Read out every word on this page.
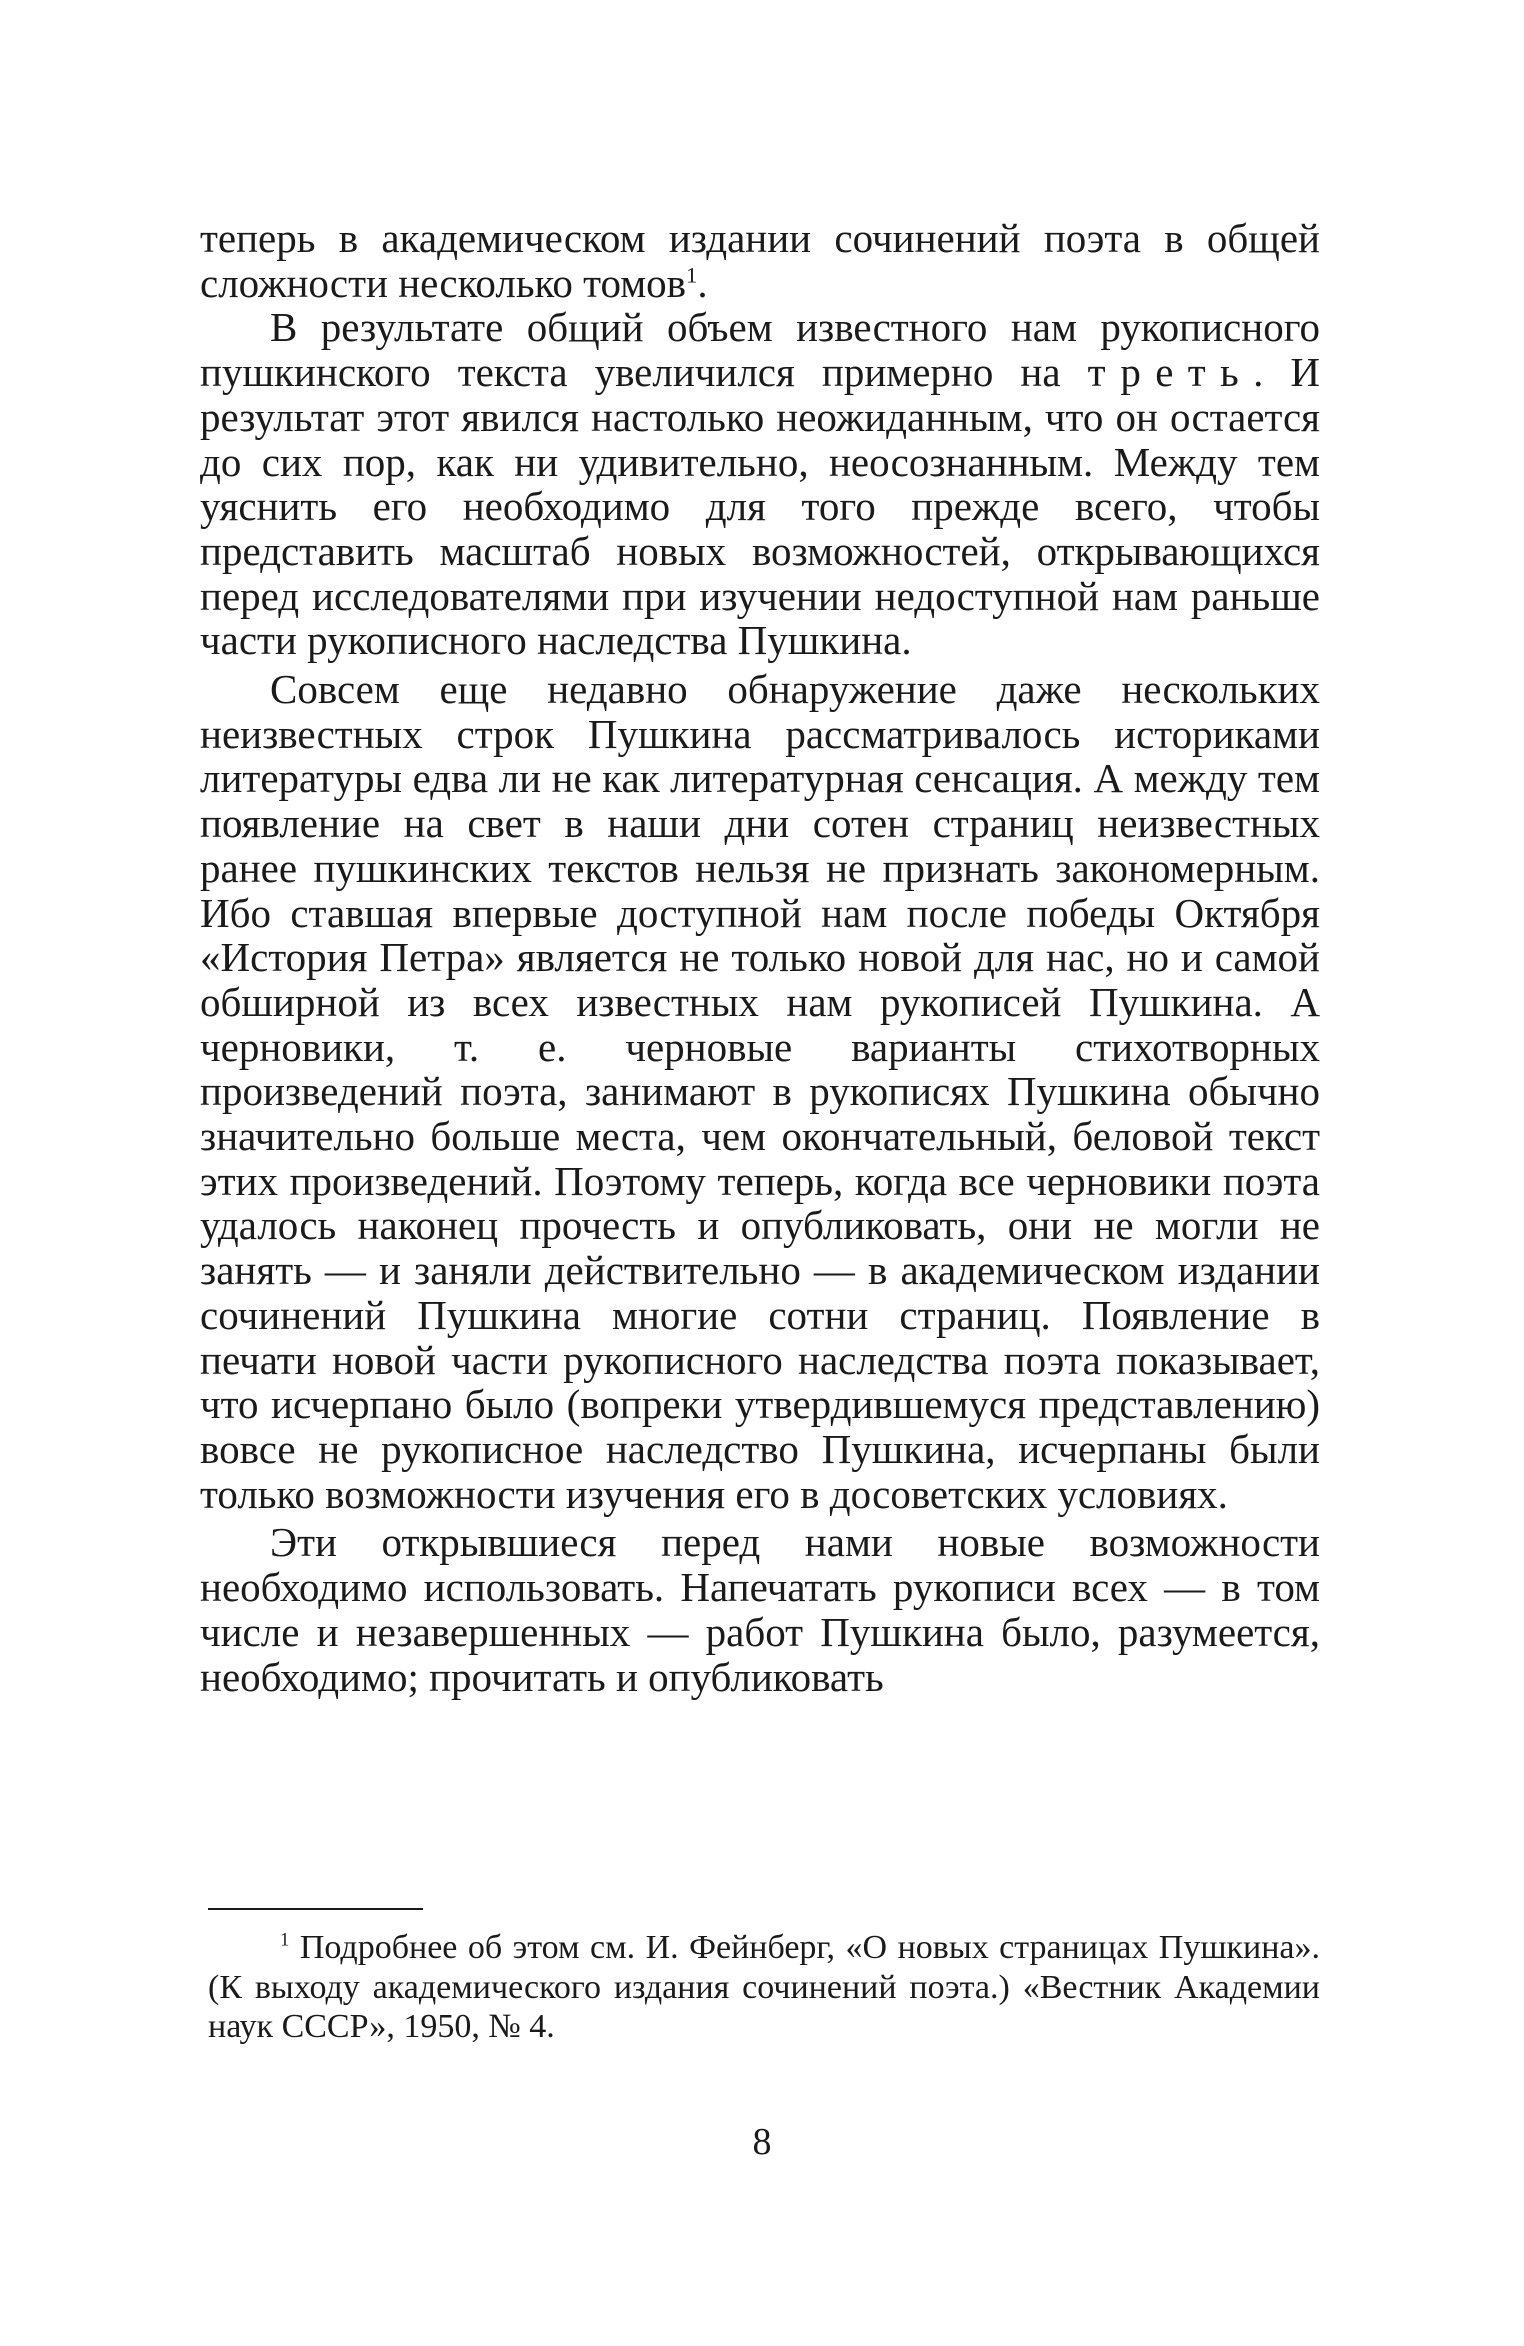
теперь в академическом издании сочинений поэта в общей сложности несколько томов$^1$.

В результате общий объем известного нам рукописного пушкинского текста увеличился примерно на треть. И результат этот явился настолько неожиданным, что он остается до сих пор, как ни удивительно, неосознанным. Между тем уяснить его необходимо для того прежде всего, чтобы представить масштаб новых возможностей, открывающихся перед исследователями при изучении недоступной нам раньше части рукописного наследства Пушкина.

Совсем еще недавно обнаружение даже нескольких неизвестных строк Пушкина рассматривалось историками литературы едва ли не как литературная сенсация. А между тем появление на свет в наши дни сотен страниц неизвестных ранее пушкинских текстов нельзя не признать закономерным. Ибо ставшая впервые доступной нам после победы Октября «История Петра» является не только новой для нас, но и самой обширной из всех известных нам рукописей Пушкина. А черновики, т. е. черновые варианты стихотворных произведений поэта, занимают в рукописях Пушкина обычно значительно больше места, чем окончательный, беловой текст этих произведений. Поэтому теперь, когда все черновики поэта удалось наконец прочесть и опубликовать, они не могли не занять — и заняли действительно — в академическом издании сочинений Пушкина многие сотни страниц. Появление в печати новой части рукописного наследства поэта показывает, что исчерпано было (вопреки утвердившемуся представлению) вовсе не рукописное наследство Пушкина, исчерпаны были только возможности изучения его в досоветских условиях.

Эти открывшиеся перед нами новые возможности необходимо использовать. Напечатать рукописи всех — в том числе и незавершенных — работ Пушкина было, разумеется, необходимо; прочитать и опубликовать

$^1$ Подробнее об этом см. И. Фейнберг, «О новых страницах Пушкина». (К выходу академического издания сочинений поэта.) «Вестник Академии наук СССР», 1950, № 4.

8
